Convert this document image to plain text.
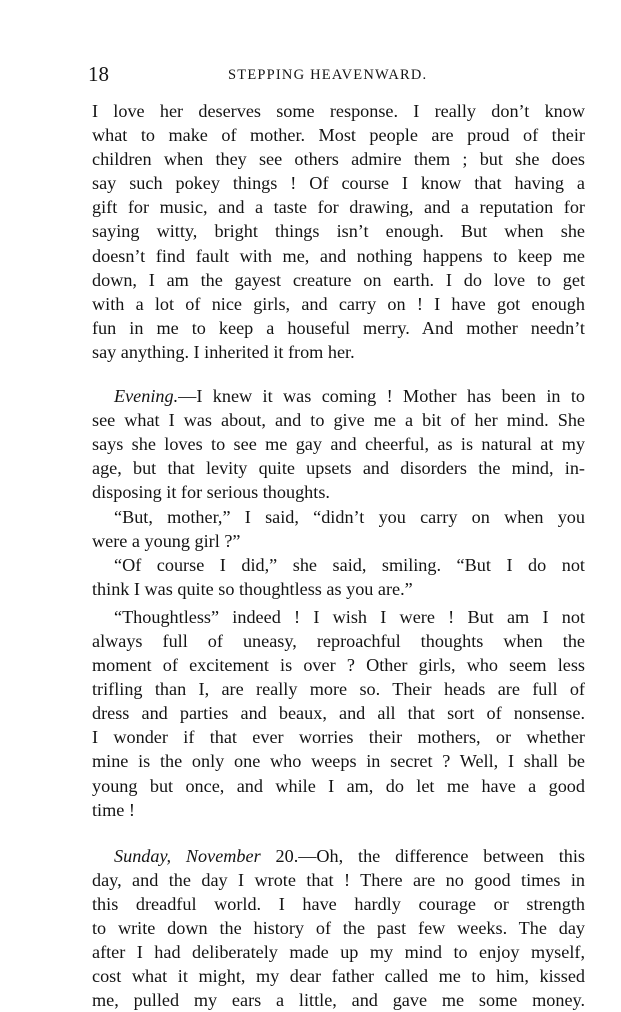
18	STEPPING HEAVENWARD.
I love her deserves some response. I really don’t know
what to make of mother. Most people are proud of their
children when they see others admire them ; but she does
say such pokey things ! Of course I know that having a
gift for music, and a taste for drawing, and a reputation for
saying witty, bright things isn’t enough. But when she
doesn’t find fault with me, and nothing happens to keep me
down, I am the gayest creature on earth. I do love to get
with a lot of nice girls, and carry on ! I have got enough
fun in me to keep a houseful merry. And mother needn’t
say anything. I inherited it from her.
Evening.—I knew it was coming ! Mother has been in to
see what I was about, and to give me a bit of her mind. She
says she loves to see me gay and cheerful, as is natural at my
age, but that levity quite upsets and disorders the mind, in-
disposing it for serious thoughts.
“But, mother,” I said, “didn’t you carry on when you
were a young girl ?”
“Of course I did,” she said, smiling. “But I do not
think I was quite so thoughtless as you are.”
“Thoughtless” indeed ! I wish I were ! But am I not
always full of uneasy, reproachful thoughts when the
moment of excitement is over ? Other girls, who seem less
trifling than I, are really more so. Their heads are full of
dress and parties and beaux, and all that sort of nonsense.
I wonder if that ever worries their mothers, or whether
mine is the only one who weeps in secret ? Well, I shall be
young but once, and while I am, do let me have a good
time !
Sunday, November 20.—Oh, the difference between this
day, and the day I wrote that ! There are no good times in
this dreadful world. I have hardly courage or strength
to write down the history of the past few weeks. The day
after I had deliberately made up my mind to enjoy myself,
cost what it might, my dear father called me to him, kissed
me, pulled my ears a little, and gave me some money.
